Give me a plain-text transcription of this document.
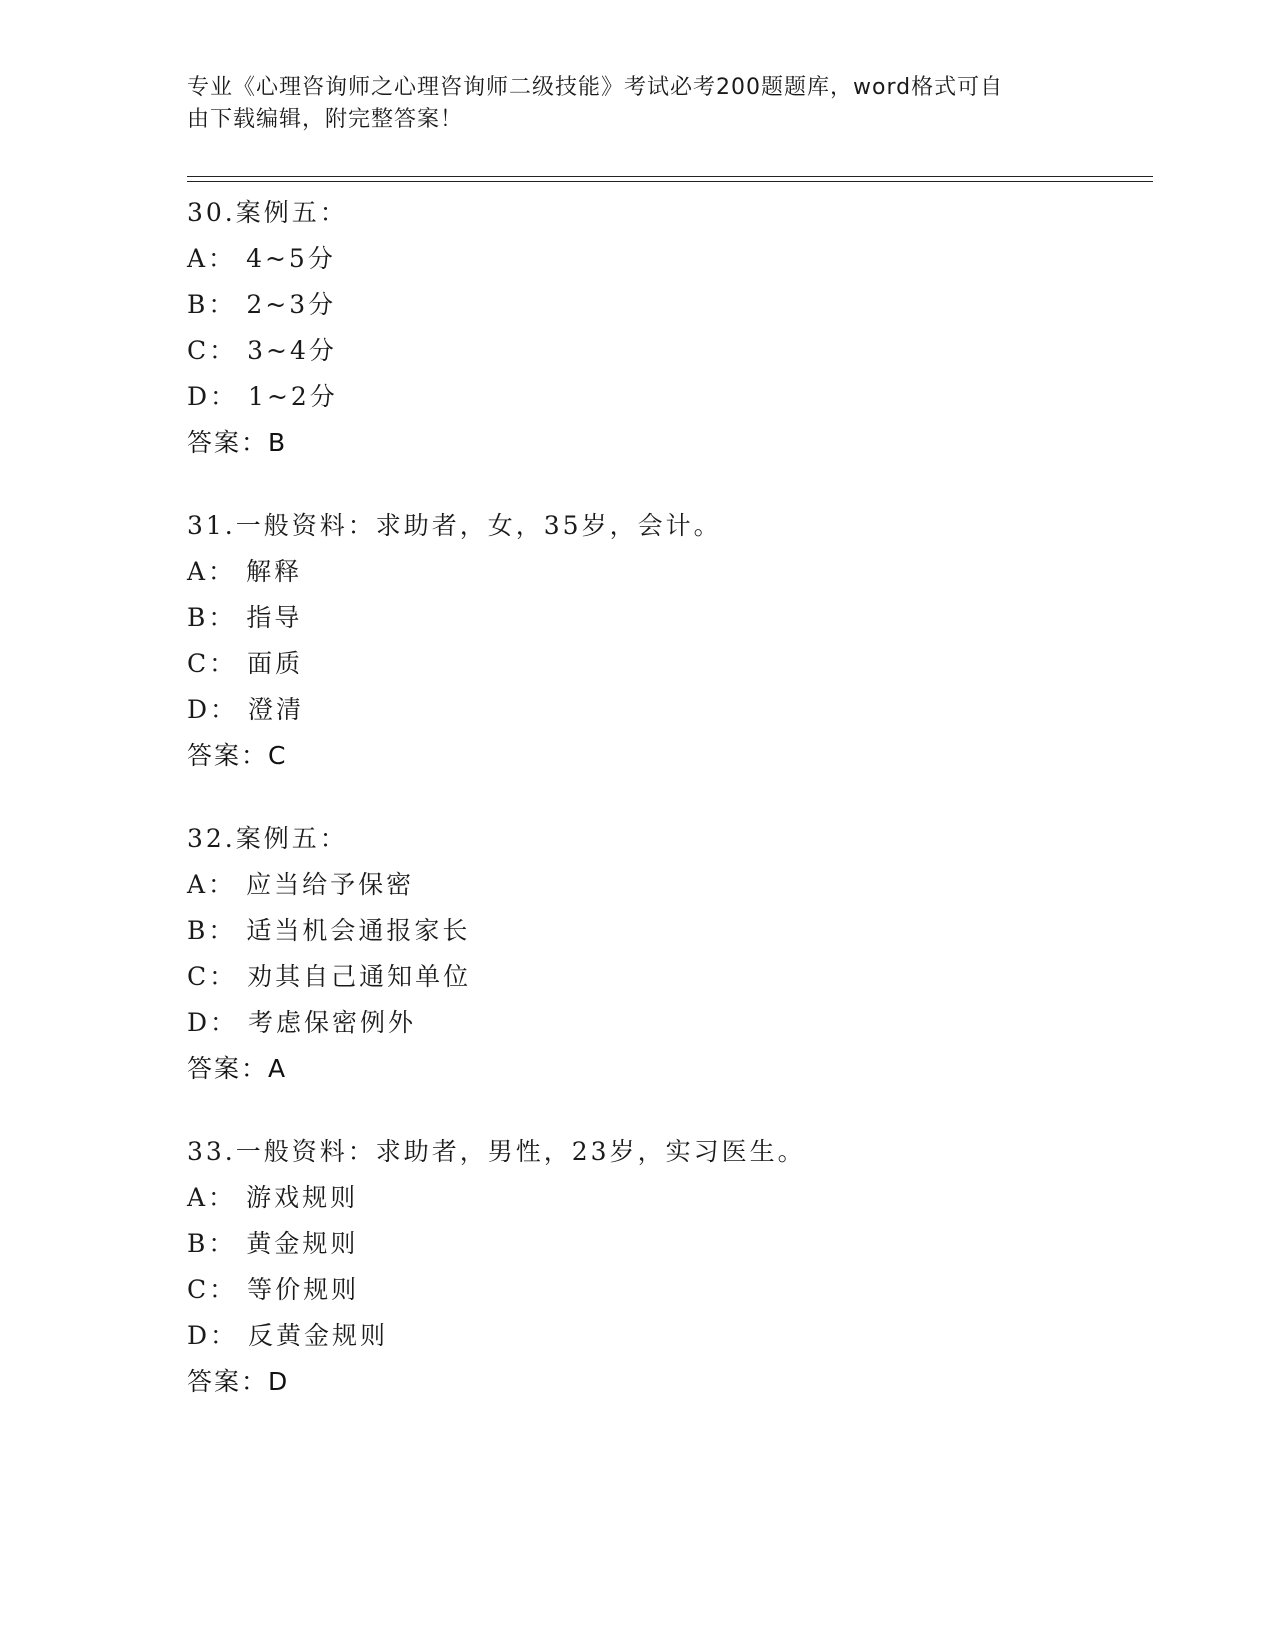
专业《心理咨询师之心理咨询师二级技能》考试必考200题题库，word格式可自
由下载编辑，附完整答案！
30.案例五：
A： 4~5分
B： 2~3分
C： 3~4分
D： 1~2分
答案：B
31.一般资料：求助者，女，35岁，会计。
A： 解释
B： 指导
C： 面质
D： 澄清
答案：C
32.案例五：
A： 应当给予保密
B： 适当机会通报家长
C： 劝其自己通知单位
D： 考虑保密例外
答案：A
33.一般资料：求助者，男性，23岁，实习医生。
A： 游戏规则
B： 黄金规则
C： 等价规则
D： 反黄金规则
答案：D
